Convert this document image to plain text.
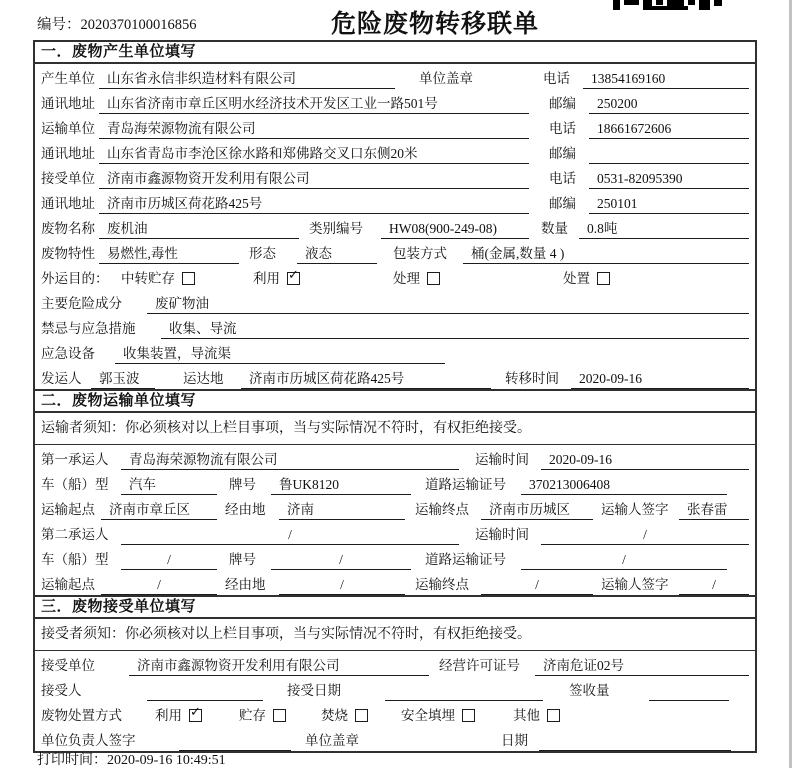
编号：2020370100016856	危险废物转移联单
一．废物产生单位填写
产生单位 山东省永信非织造材料有限公司	单位盖章	电话	13854169160
通讯地址 山东省济南市章丘区明水经济技术开发区工业一路501号	邮编	250200
运输单位 青岛海荣源物流有限公司	电话	18661672606
通讯地址 山东省青岛市李沧区徐水路和郑佛路交叉口东侧20米	邮编
接受单位 济南市鑫源物资开发利用有限公司	电话	0531-82095390
通讯地址 济南市历城区荷花路425号	邮编	250101
废物名称 废机油	类别编号	HW08(900-249-08)	数量	0.8吨
废物特性 易燃性,毒性	形态	液态	包装方式	桶(金属,数量 4 )
外运目的： 中转贮存	利用 ✓	处理	处置
主要危险成分	废矿物油
禁忌与应急措施	收集、导流
应急设备	收集装置，导流渠
发运人	郭玉波	运达地	济南市历城区荷花路425号	转移时间	2020-09-16
二．废物运输单位填写
运输者须知：你必须核对以上栏目事项，当与实际情况不符时，有权拒绝接受。
第一承运人	青岛海荣源物流有限公司	运输时间	2020-09-16
车（船）型	汽车	牌号	鲁UK8120	道路运输证号	370213006408
运输起点	济南市章丘区	经由地	济南	运输终点	济南市历城区	运输人签字	张春雷
第二承运人	/	运输时间	/
车（船）型	/	牌号	/	道路运输证号	/
运输起点	/	经由地	/	运输终点	/	运输人签字	/
三．废物接受单位填写
接受者须知：你必须核对以上栏目事项，当与实际情况不符时，有权拒绝接受。
接受单位	济南市鑫源物资开发利用有限公司	经营许可证号	济南危证02号
接受人	接受日期	签收量
废物处置方式	利用 ✓	贮存	焚烧	安全填埋	其他
单位负责人签字	单位盖章	日期
打印时间：2020-09-16 10:49:51
